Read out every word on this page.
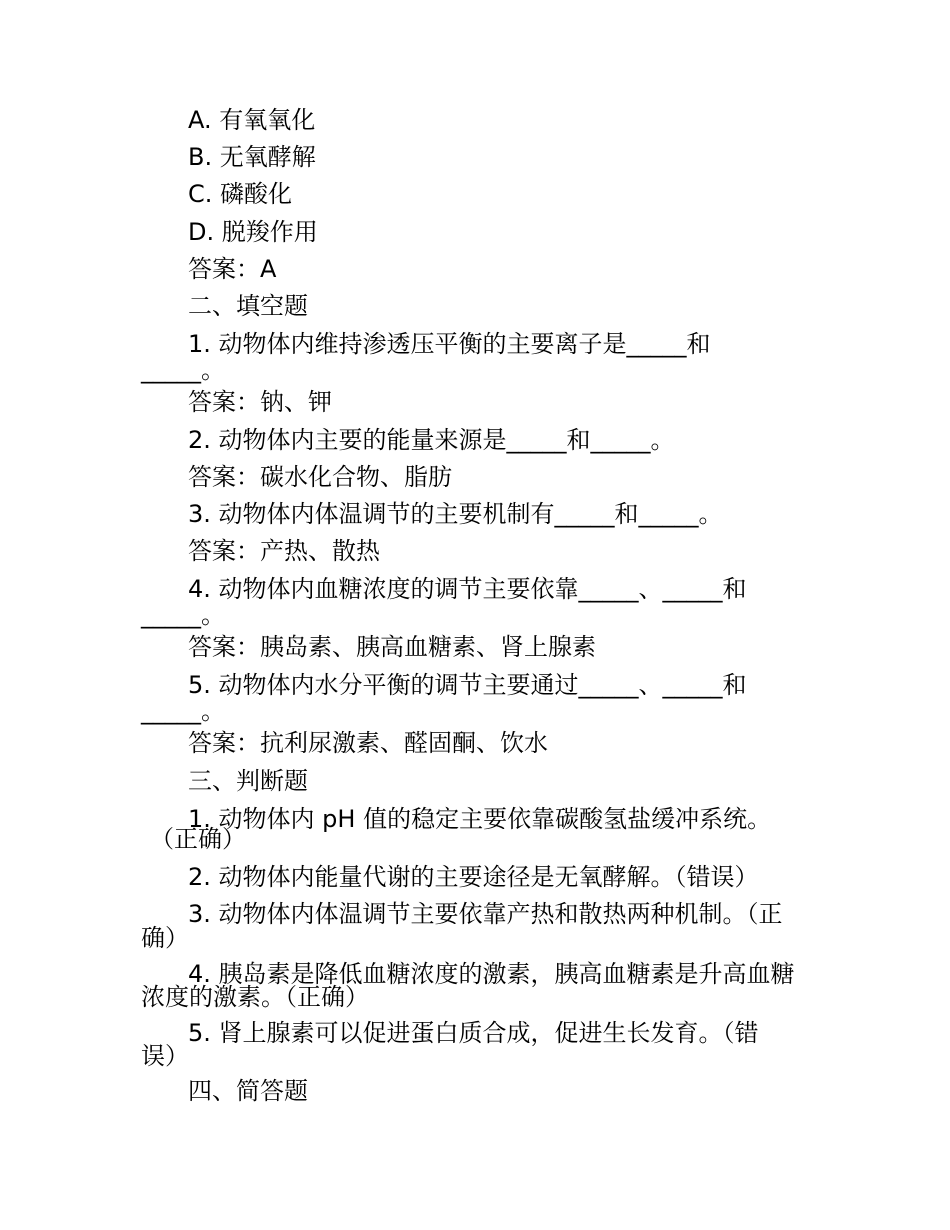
A. 有氧氧化

B. 无氧酵解

C. 磷酸化

D. 脱羧作用

答案：A

二、填空题

1. 动物体内维持渗透压平衡的主要离子是_____和

_____。

答案：钠、钾

2. 动物体内主要的能量来源是_____和_____。

答案：碳水化合物、脂肪

3. 动物体内体温调节的主要机制有_____和_____。

答案：产热、散热

4. 动物体内血糖浓度的调节主要依靠_____、_____和

_____。

答案：胰岛素、胰高血糖素、肾上腺素

5. 动物体内水分平衡的调节主要通过_____、_____和

_____。

答案：抗利尿激素、醛固酮、饮水

三、判断题

1. 动物体内 pH 值的稳定主要依靠碳酸氢盐缓冲系统。

（正确）

2. 动物体内能量代谢的主要途径是无氧酵解。（错误）

3. 动物体内体温调节主要依靠产热和散热两种机制。（正

确）

4. 胰岛素是降低血糖浓度的激素，胰高血糖素是升高血糖

浓度的激素。（正确）

5. 肾上腺素可以促进蛋白质合成，促进生长发育。（错

误）

四、简答题
